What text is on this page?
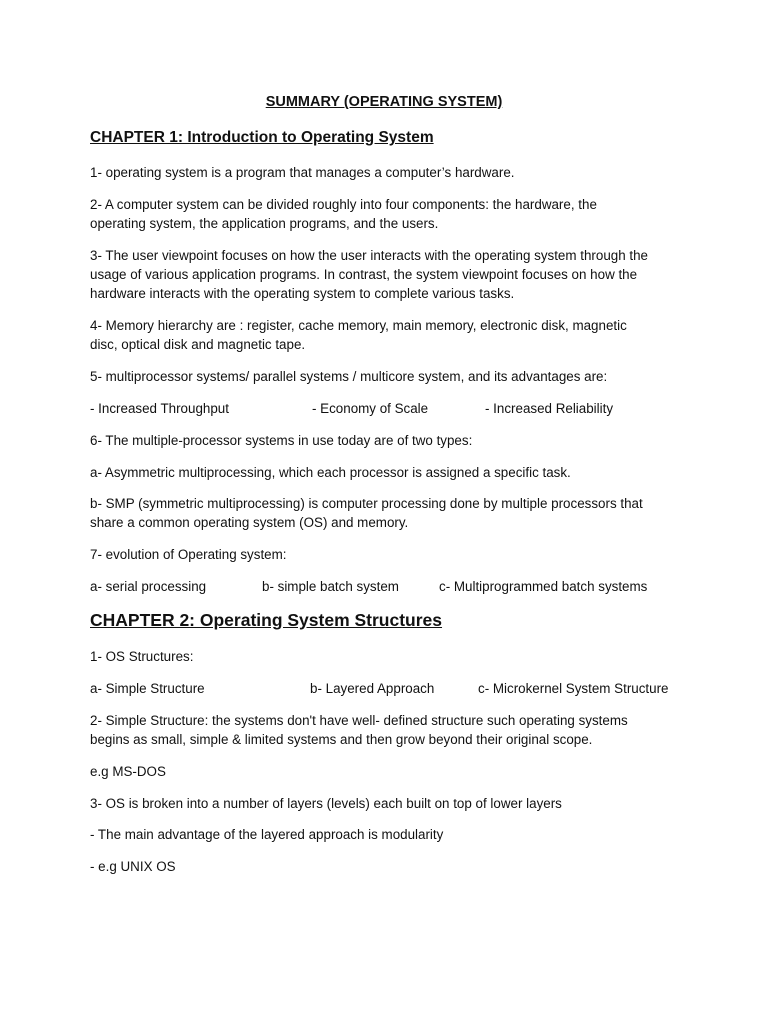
SUMMARY (OPERATING SYSTEM)
CHAPTER 1: Introduction to Operating System
1- operating system is a program that manages a computer’s hardware.
2- A computer system can be divided roughly into four components: the hardware, the
operating system, the application programs, and the users.
3- The user viewpoint focuses on how the user interacts with the operating system through the
usage of various application programs. In contrast, the system viewpoint focuses on how the
hardware interacts with the operating system to complete various tasks.
4- Memory hierarchy are : register, cache memory, main memory, electronic disk, magnetic
disc, optical disk and magnetic tape.
5- multiprocessor systems/ parallel systems / multicore system, and its advantages are:
- Increased Throughput	- Economy of Scale	- Increased Reliability
6- The multiple-processor systems in use today are of two types:
a- Asymmetric multiprocessing, which each processor is assigned a specific task.
b- SMP (symmetric multiprocessing) is computer processing done by multiple processors that
share a common operating system (OS) and memory.
7- evolution of Operating system:
a- serial processing	b- simple batch system	c- Multiprogrammed batch systems
CHAPTER 2: Operating System Structures
1- OS Structures:
a- Simple Structure	b- Layered Approach	c- Microkernel System Structure
2- Simple Structure: the systems don't have well- defined structure such operating systems
begins as small, simple & limited systems and then grow beyond their original scope.
e.g MS-DOS
3- OS is broken into a number of layers (levels) each built on top of lower layers
- The main advantage of the layered approach is modularity
- e.g UNIX OS
